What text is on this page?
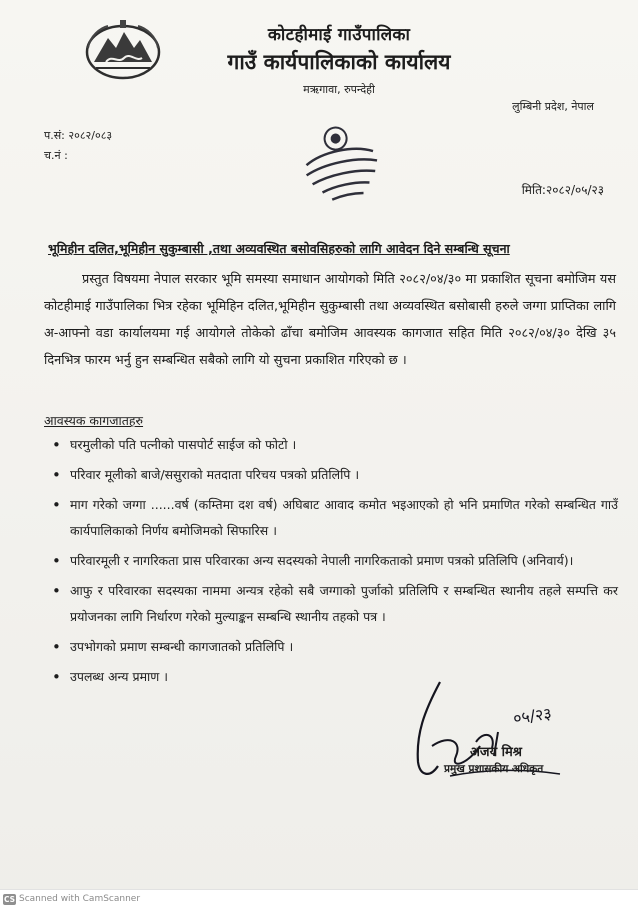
कोटहीमाई गाउँपालिका
गाउँ कार्यपालिकाको कार्यालय
मऋगावा, रुपन्देही
लुम्बिनी प्रदेश, नेपाल
प.सं: २०८२/०८३
च.नं :
मिति:२०८२/०५/२३
भूमिहीन दलित,भूमिहीन सुकुम्बासी ,तथा अव्यवस्थित बसोवसिहरुको लागि आवेदन दिने सम्बन्धि सूचना
प्रस्तुत विषयमा नेपाल सरकार भूमि समस्या समाधान आयोगको मिति २०८२/०४/३० मा प्रकाशित सूचना बमोजिम यस कोटहीमाई गाउँपालिका भित्र रहेका भूमिहिन दलित,भूमिहीन सुकुम्बासी तथा अव्यवस्थित बसोबासी हरुले जग्गा प्राप्तिका लागि अ-आफ्नो वडा कार्यालयमा गई आयोगले तोकेको ढाँचा बमोजिम आवस्यक कागजात सहित मिति २०८२/०४/३० देखि ३५ दिनभित्र फारम भर्नु हुन सम्बन्धित सबैको लागि यो सुचना प्रकाशित गरिएको छ ।
आवस्यक कागजातहरु
• घरमुलीको पति पत्नीको पासपोर्ट साईज को फोटो ।
• परिवार मूलीको बाजे/ससुराको मतदाता परिचय पत्रको प्रतिलिपि ।
• माग गरेको जग्गा ......वर्ष (कम्तिमा दश वर्ष) अघिबाट आवाद कमोत भइआएको हो भनि प्रमाणित गरेको सम्बन्धित गाउँ कार्यपालिकाको निर्णय बमोजिमको सिफारिस ।
• परिवारमूली र नागरिकता प्रास परिवारका अन्य सदस्यको नेपाली नागरिकताको प्रमाण पत्रको प्रतिलिपि (अनिवार्य)।
• आफु र परिवारका सदस्यका नाममा अन्यत्र रहेको सबै जग्गाको पुर्जाको प्रतिलिपि र सम्बन्धित स्थानीय तहले सम्पत्ति कर प्रयोजनका लागि निर्धारण गरेको मुल्याङ्कन सम्बन्धि स्थानीय तहको पत्र ।
• उपभोगको प्रमाण सम्बन्धी कागजातको प्रतिलिपि ।
• उपलब्ध अन्य प्रमाण ।
०५/२३
अजय मिश्र
प्रमुख प्रशासकीय अधिकृत
CS Scanned with CamScanner
